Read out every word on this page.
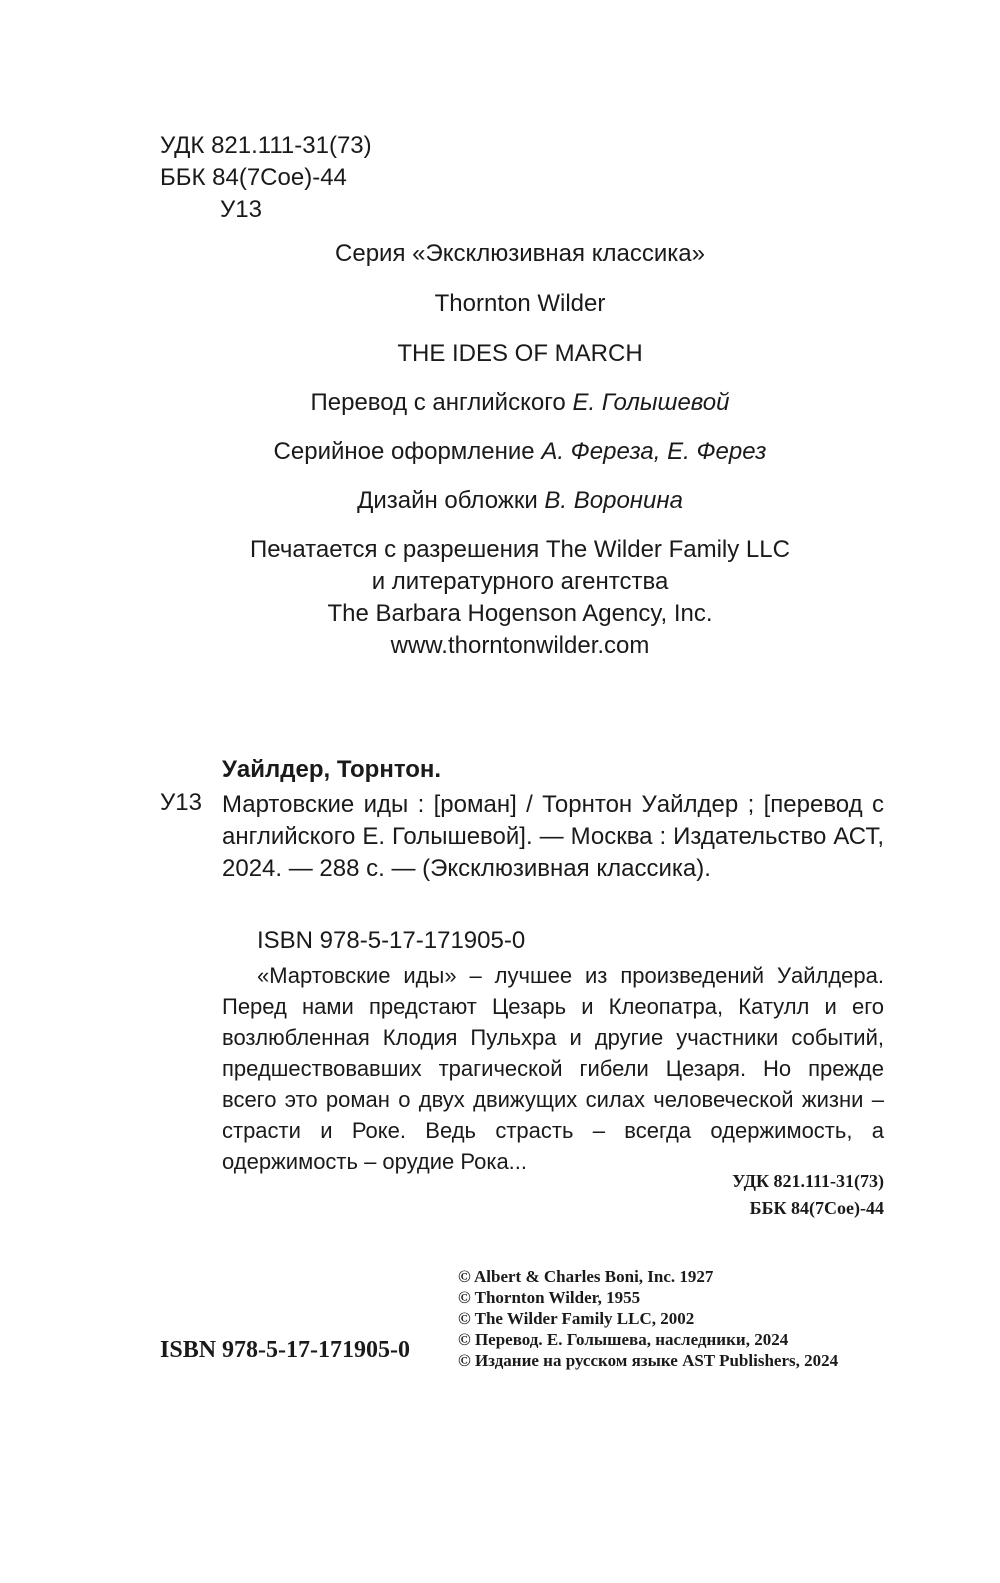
УДК 821.111-31(73)
ББК 84(7Сое)-44
У13
Серия «Эксклюзивная классика»
Thornton Wilder
THE IDES OF MARCH
Перевод с английского Е. Голышевой
Серийное оформление А. Фереза, Е. Ферез
Дизайн обложки В. Воронина
Печатается с разрешения The Wilder Family LLC
и литературного агентства
The Barbara Hogenson Agency, Inc.
www.thorntonwilder.com
Уайлдер, Торнтон.
У13 Мартовские иды : [роман] / Торнтон Уайлдер ; [перевод с английского Е. Голышевой]. — Москва : Издательство АСТ, 2024. — 288 с. — (Эксклюзивная классика).
ISBN 978-5-17-171905-0
«Мартовские иды» – лучшее из произведений Уайлдера. Перед нами предстают Цезарь и Клеопатра, Катулл и его возлюбленная Клодия Пульхра и другие участники событий, предшествовавших трагической гибели Цезаря. Но прежде всего это роман о двух движущих силах человеческой жизни – страсти и Роке. Ведь страсть – всегда одержимость, а одержимость – орудие Рока...
УДК 821.111-31(73)
ББК 84(7Сое)-44
© Albert & Charles Boni, Inc. 1927
© Thornton Wilder, 1955
© The Wilder Family LLC, 2002
© Перевод. Е. Голышева, наследники, 2024
© Издание на русском языке AST Publishers, 2024
ISBN 978-5-17-171905-0
